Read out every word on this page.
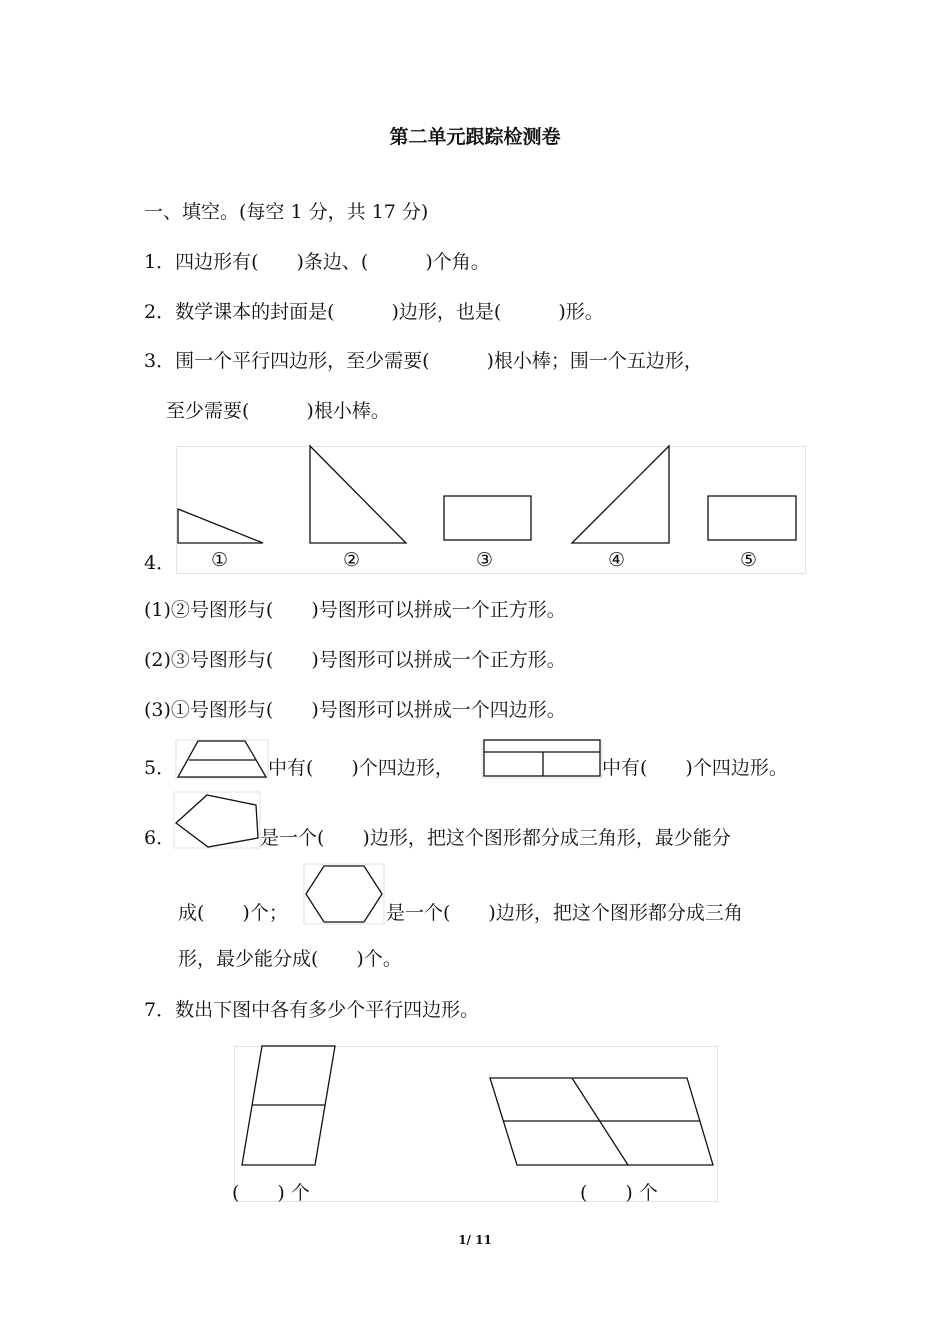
第二单元跟踪检测卷
一、填空。(每空 1 分，共 17 分)
1．四边形有(　　)条边、(　　　)个角。
2．数学课本的封面是(　　　)边形，也是(　　　)形。
3．围一个平行四边形，至少需要(　　　)根小棒；围一个五边形，
至少需要(　　　)根小棒。
4． ①	②	③	④	⑤
(1)②号图形与(　　)号图形可以拼成一个正方形。
(2)③号图形与(　　)号图形可以拼成一个正方形。
(3)①号图形与(　　)号图形可以拼成一个四边形。
5．	中有(　　)个四边形，	中有(　　)个四边形。
6．	是一个(　　)边形，把这个图形都分成三角形，最少能分
成(　　)个；	是一个(　　)边形，把这个图形都分成三角
形，最少能分成(　　)个。
7．数出下图中各有多少个平行四边形。
(　　) 个	(　　) 个
1/ 11
